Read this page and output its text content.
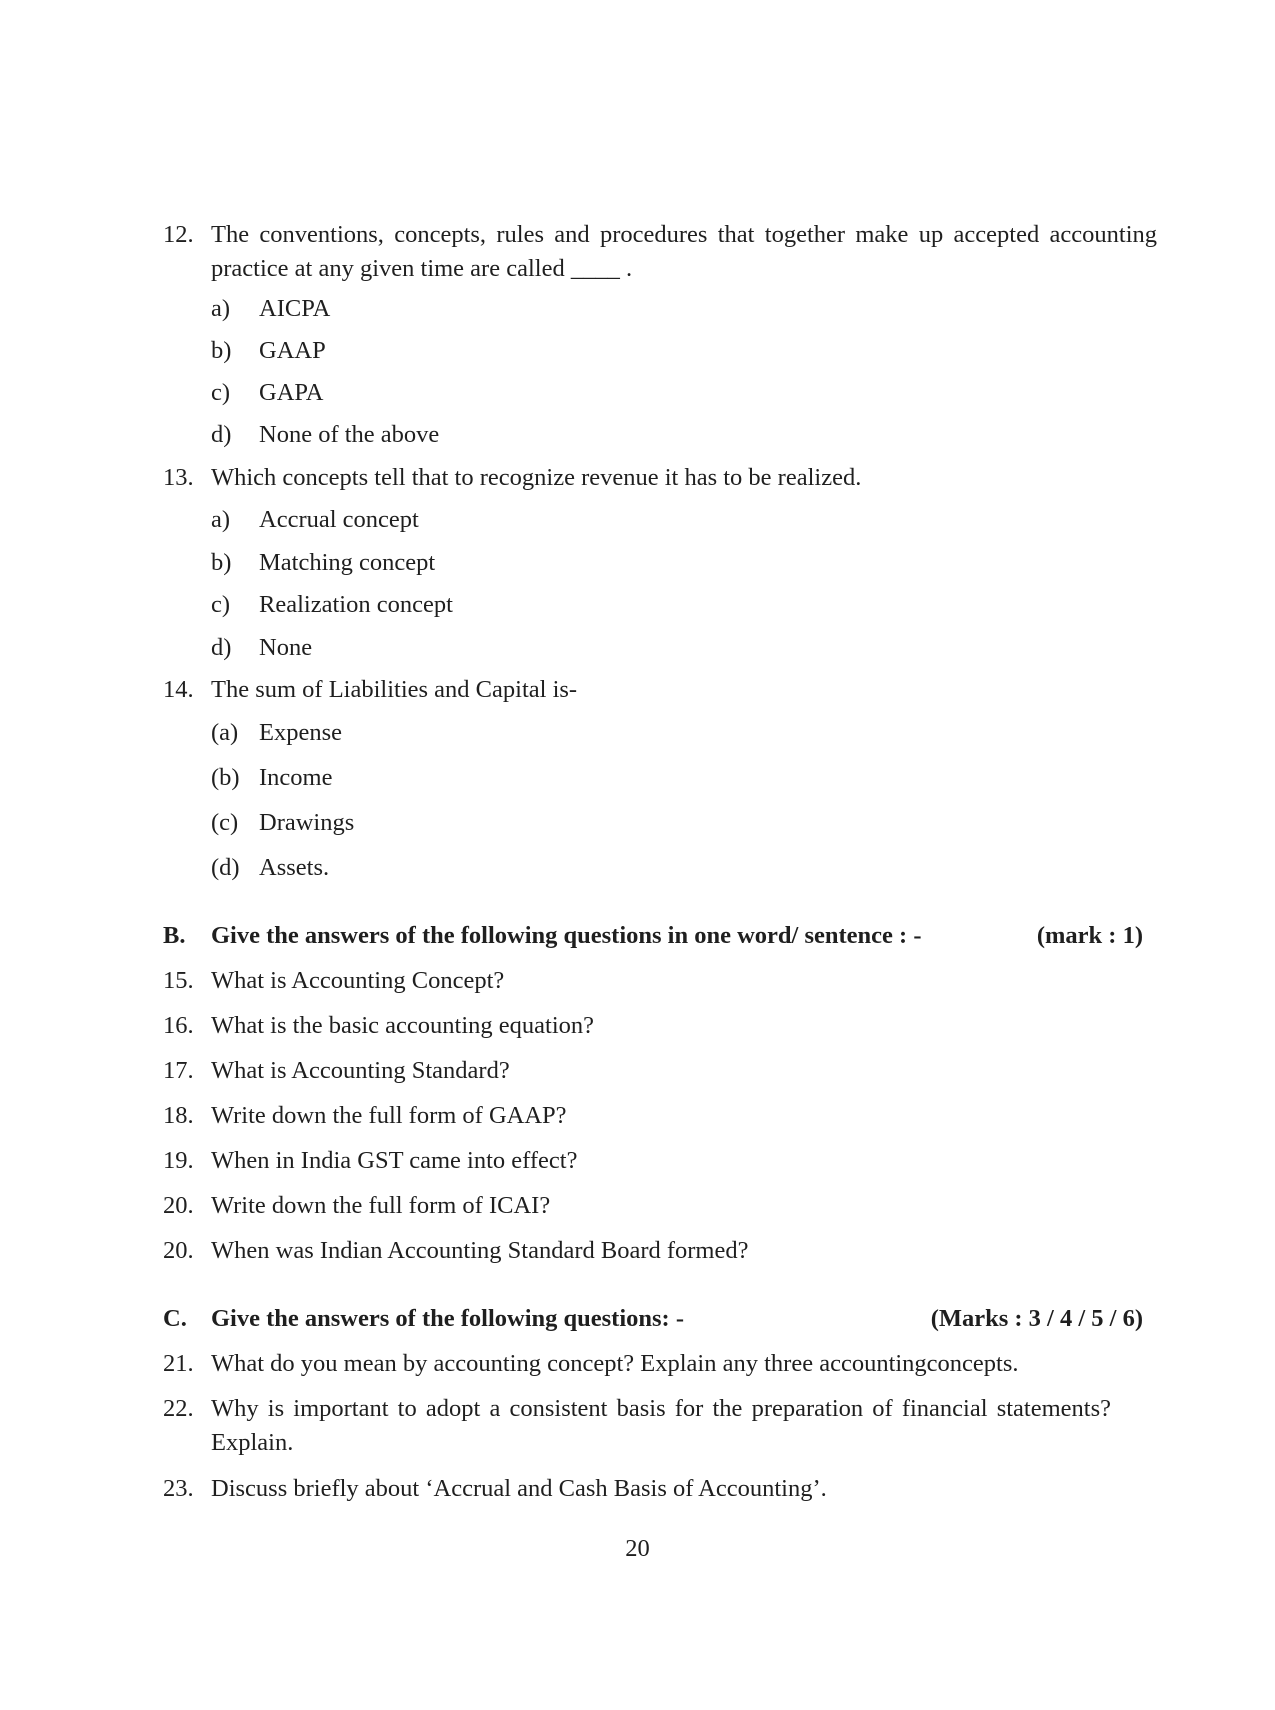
12. The conventions, concepts, rules and procedures that together make up accepted accounting practice at any given time are called ____ .
a) AICPA
b) GAAP
c) GAPA
d) None of the above
13. Which concepts tell that to recognize revenue it has to be realized.
a) Accrual concept
b) Matching concept
c) Realization concept
d) None
14. The sum of Liabilities and Capital is-
(a) Expense
(b) Income
(c) Drawings
(d) Assets.
B. Give the answers of the following questions in one word/ sentence : -	(mark : 1)
15. What is Accounting Concept?
16. What is the basic accounting equation?
17. What is Accounting Standard?
18. Write down the full form of GAAP?
19. When in India GST came into effect?
20. Write down the full form of ICAI?
20. When was Indian Accounting Standard Board formed?
C. Give the answers of the following questions: -	(Marks : 3 / 4 / 5 / 6)
21. What do you mean by accounting concept? Explain any three accountingconcepts.
22. Why is important to adopt a consistent basis for the preparation of financial statements? Explain.
23. Discuss briefly about ‘Accrual and Cash Basis of Accounting’.
20
